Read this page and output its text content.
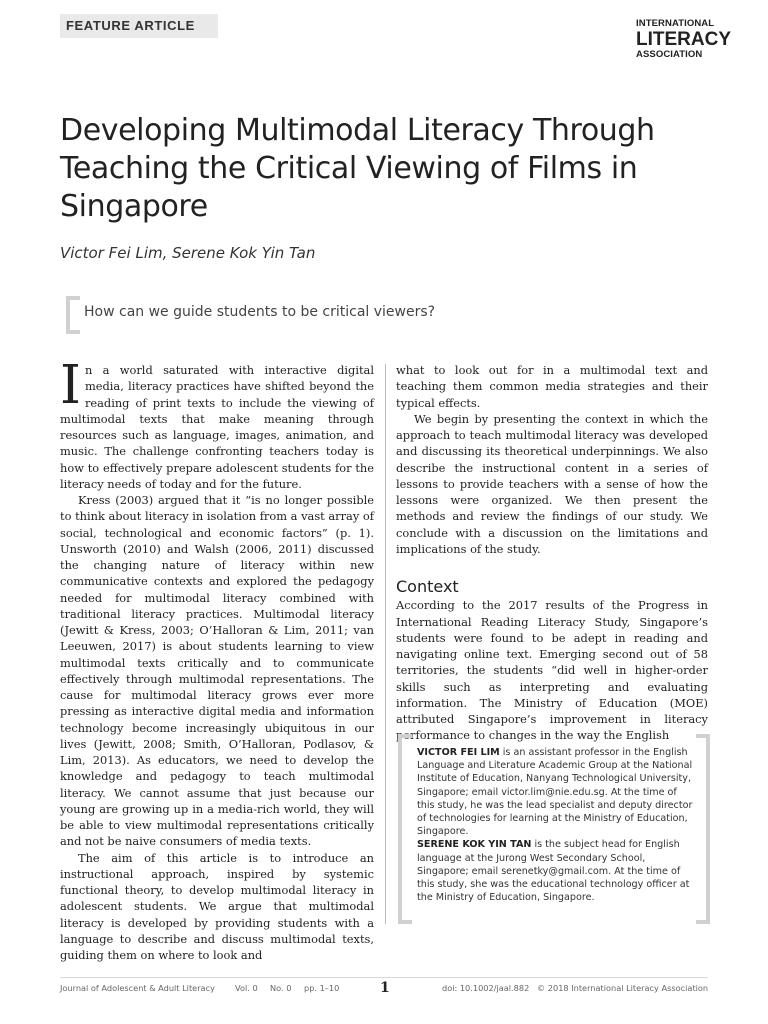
FEATURE ARTICLE	INTERNATIONAL
LITERACY
ASSOCIATION
Developing Multimodal Literacy Through Teaching the Critical Viewing of Films in Singapore
Victor Fei Lim, Serene Kok Yin Tan
How can we guide students to be critical viewers?
I n a world saturated with interactive digital media, literacy practices have shifted beyond the reading of print texts to include the viewing of multimodal texts that make meaning through resources such as language, images, animation, and music. The challenge confronting teachers today is how to effectively prepare adolescent students for the literacy needs of today and for the future.

Kress (2003) argued that it “is no longer possible to think about literacy in isolation from a vast array of social, technological and economic factors” (p. 1). Unsworth (2010) and Walsh (2006, 2011) discussed the changing nature of literacy within new communicative contexts and explored the pedagogy needed for multimodal literacy combined with traditional literacy practices. Multimodal literacy (Jewitt & Kress, 2003; O’Halloran & Lim, 2011; van Leeuwen, 2017) is about students learning to view multimodal texts critically and to communicate effectively through multimodal representations. The cause for multimodal literacy grows ever more pressing as interactive digital media and information technology become increasingly ubiquitous in our lives (Jewitt, 2008; Smith, O’Halloran, Podlasov, & Lim, 2013). As educators, we need to develop the knowledge and pedagogy to teach multimodal literacy. We cannot assume that just because our young are growing up in a media-rich world, they will be able to view multimodal representations critically and not be naive consumers of media texts.

The aim of this article is to introduce an instructional approach, inspired by systemic functional theory, to develop multimodal literacy in adolescent students. We argue that multimodal literacy is developed by providing students with a language to describe and discuss multimodal texts, guiding them on where to look and

what to look out for in a multimodal text and teaching them common media strategies and their typical effects.

We begin by presenting the context in which the approach to teach multimodal literacy was developed and discussing its theoretical underpinnings. We also describe the instructional content in a series of lessons to provide teachers with a sense of how the lessons were organized. We then present the methods and review the findings of our study. We conclude with a discussion on the limitations and implications of the study.

Context

According to the 2017 results of the Progress in International Reading Literacy Study, Singapore’s students were found to be adept in reading and navigating online text. Emerging second out of 58 territories, the students “did well in higher-order skills such as interpreting and evaluating information. The Ministry of Education (MOE) attributed Singapore’s improvement in literacy performance to changes in the way the English

VICTOR FEI LIM is an assistant professor in the English Language and Literature Academic Group at the National Institute of Education, Nanyang Technological University, Singapore; email victor.lim@nie.edu.sg. At the time of this study, he was the lead specialist and deputy director of technologies for learning at the Ministry of Education, Singapore.

SERENE KOK YIN TAN is the subject head for English language at the Jurong West Secondary School, Singapore; email serenetky@gmail.com. At the time of this study, she was the educational technology officer at the Ministry of Education, Singapore.

Journal of Adolescent & Adult Literacy Vol. 0 No. 0 pp. 1–10	1	doi: 10.1002/jaal.882 © 2018 International Literacy Association
